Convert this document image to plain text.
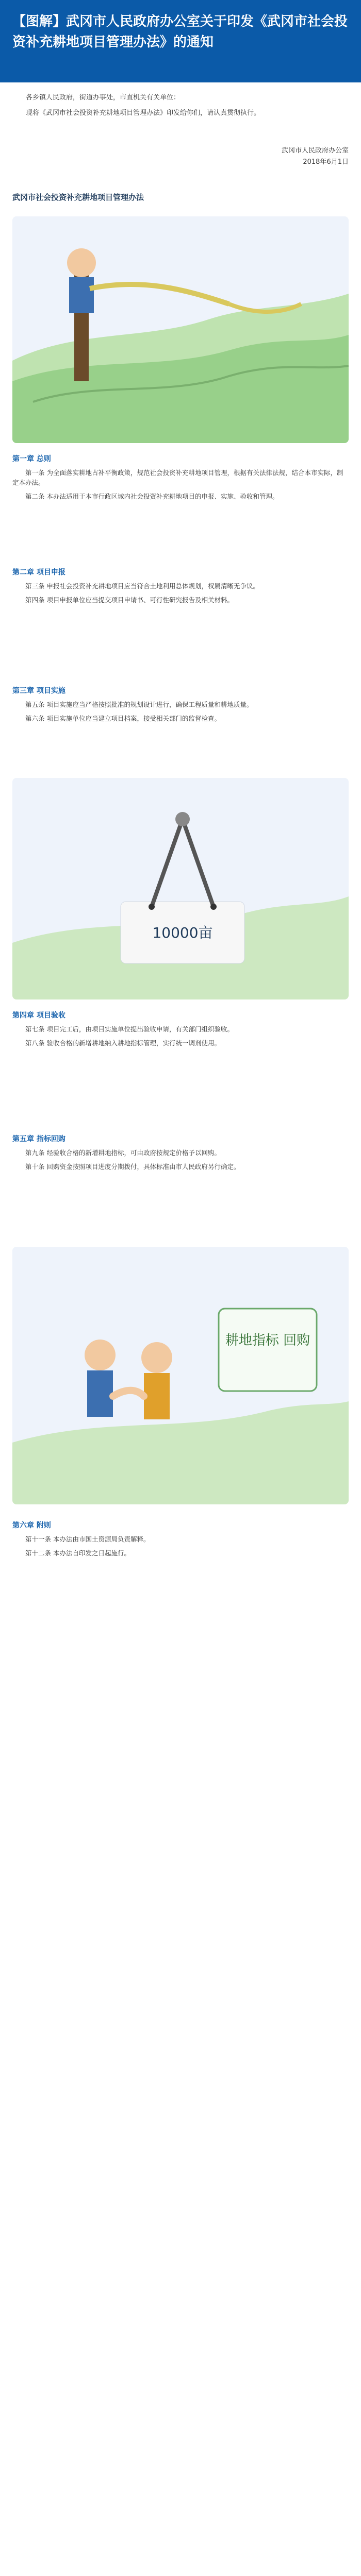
【图解】武冈市人民政府办公室关于印发《武冈市社会投资补充耕地项目管理办法》的通知

各乡镇人民政府，街道办事处，市直机关有关单位：

现将《武冈市社会投资补充耕地项目管理办法》印发给你们，请认真贯彻执行。

武冈市人民政府办公室
2018年6月1日
武冈市社会投资补充耕地项目管理办法
第一章 总则

第一条 为全面落实耕地占补平衡政策，规范社会投资补充耕地项目管理，根据有关法律法规，结合本市实际，制定本办法。

第二条 本办法适用于本市行政区域内社会投资补充耕地项目的申报、实施、验收和管理。

第二章 项目申报

第三条 申报社会投资补充耕地项目应当符合土地利用总体规划，权属清晰无争议。

第四条 项目申报单位应当提交项目申请书、可行性研究报告及相关材料。

第三章 项目实施

第五条 项目实施应当严格按照批准的规划设计进行，确保工程质量和耕地质量。

第六条 项目实施单位应当建立项目档案，接受相关部门的监督检查。

10000亩
第四章 项目验收

第七条 项目完工后，由项目实施单位提出验收申请，有关部门组织验收。

第八条 验收合格的新增耕地纳入耕地指标管理，实行统一调剂使用。

第五章 指标回购

第九条 经验收合格的新增耕地指标，可由政府按规定价格予以回购。

第十条 回购资金按照项目进度分期拨付，具体标准由市人民政府另行确定。

耕地指标 回购
第六章 附则

第十一条 本办法由市国土资源局负责解释。

第十二条 本办法自印发之日起施行。
